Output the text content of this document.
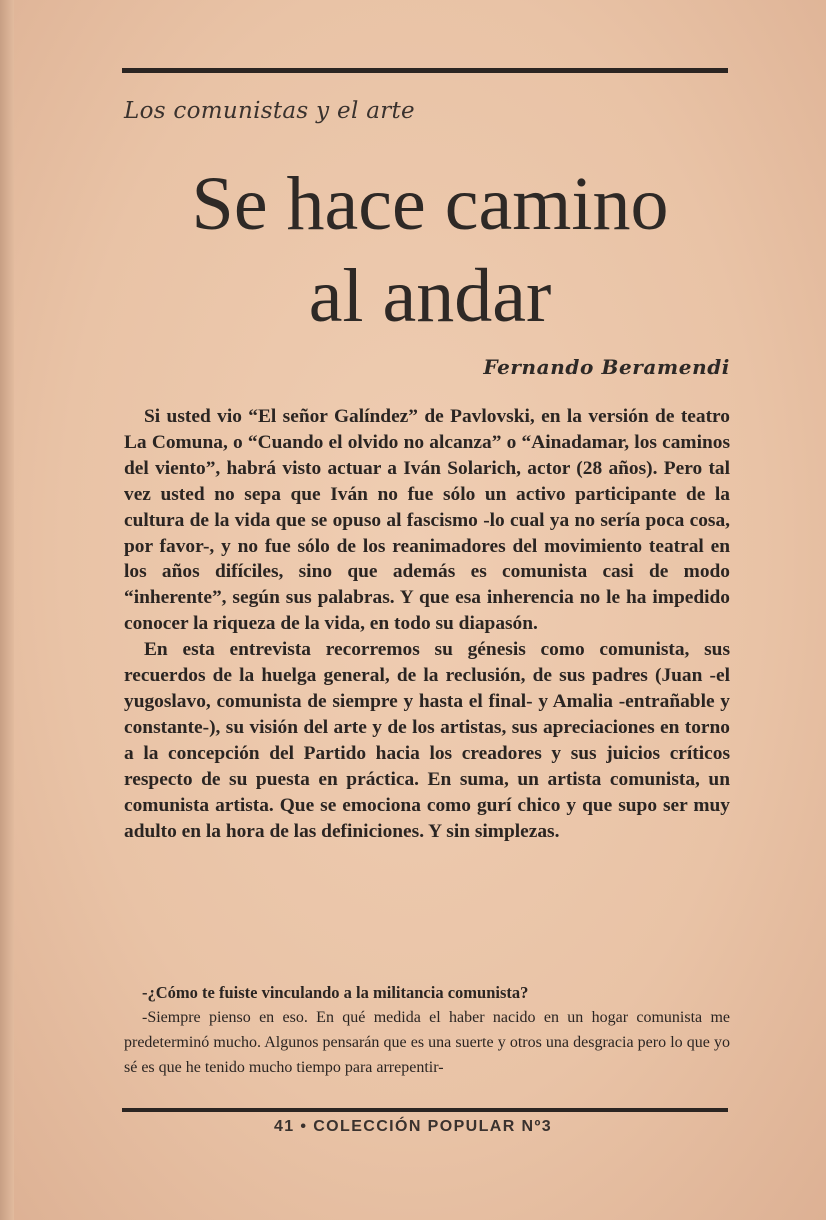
Los comunistas y el arte
Se hace camino
al andar
Fernando Beramendi

Si usted vio “El señor Galíndez” de Pavlovski, en la versión de teatro La Comuna, o “Cuando el olvido no alcanza” o “Ainadamar, los caminos del viento”, habrá visto actuar a Iván Solarich, actor (28 años). Pero tal vez usted no sepa que Iván no fue sólo un activo participante de la cultura de la vida que se opuso al fascismo -lo cual ya no sería poca cosa, por favor-, y no fue sólo de los reanimadores del movimiento teatral en los años difíciles, sino que además es comunista casi de modo “inherente”, según sus palabras. Y que esa inherencia no le ha impedido conocer la riqueza de la vida, en todo su diapasón.

En esta entrevista recorremos su génesis como comunista, sus recuerdos de la huelga general, de la reclusión, de sus padres (Juan -el yugoslavo, comunista de siempre y hasta el final- y Amalia -entrañable y constante-), su visión del arte y de los artistas, sus apreciaciones en torno a la concepción del Partido hacia los creadores y sus juicios críticos respecto de su puesta en práctica. En suma, un artista comunista, un comunista artista. Que se emociona como gurí chico y que supo ser muy adulto en la hora de las definiciones. Y sin simplezas.

-¿Cómo te fuiste vinculando a la militancia comunista?

-Siempre pienso en eso. En qué medida el haber nacido en un hogar comunista me predeterminó mucho. Algunos pensarán que es una suerte y otros una desgracia pero lo que yo sé es que he tenido mucho tiempo para arrepentir-

41 • COLECCIÓN POPULAR Nº3
